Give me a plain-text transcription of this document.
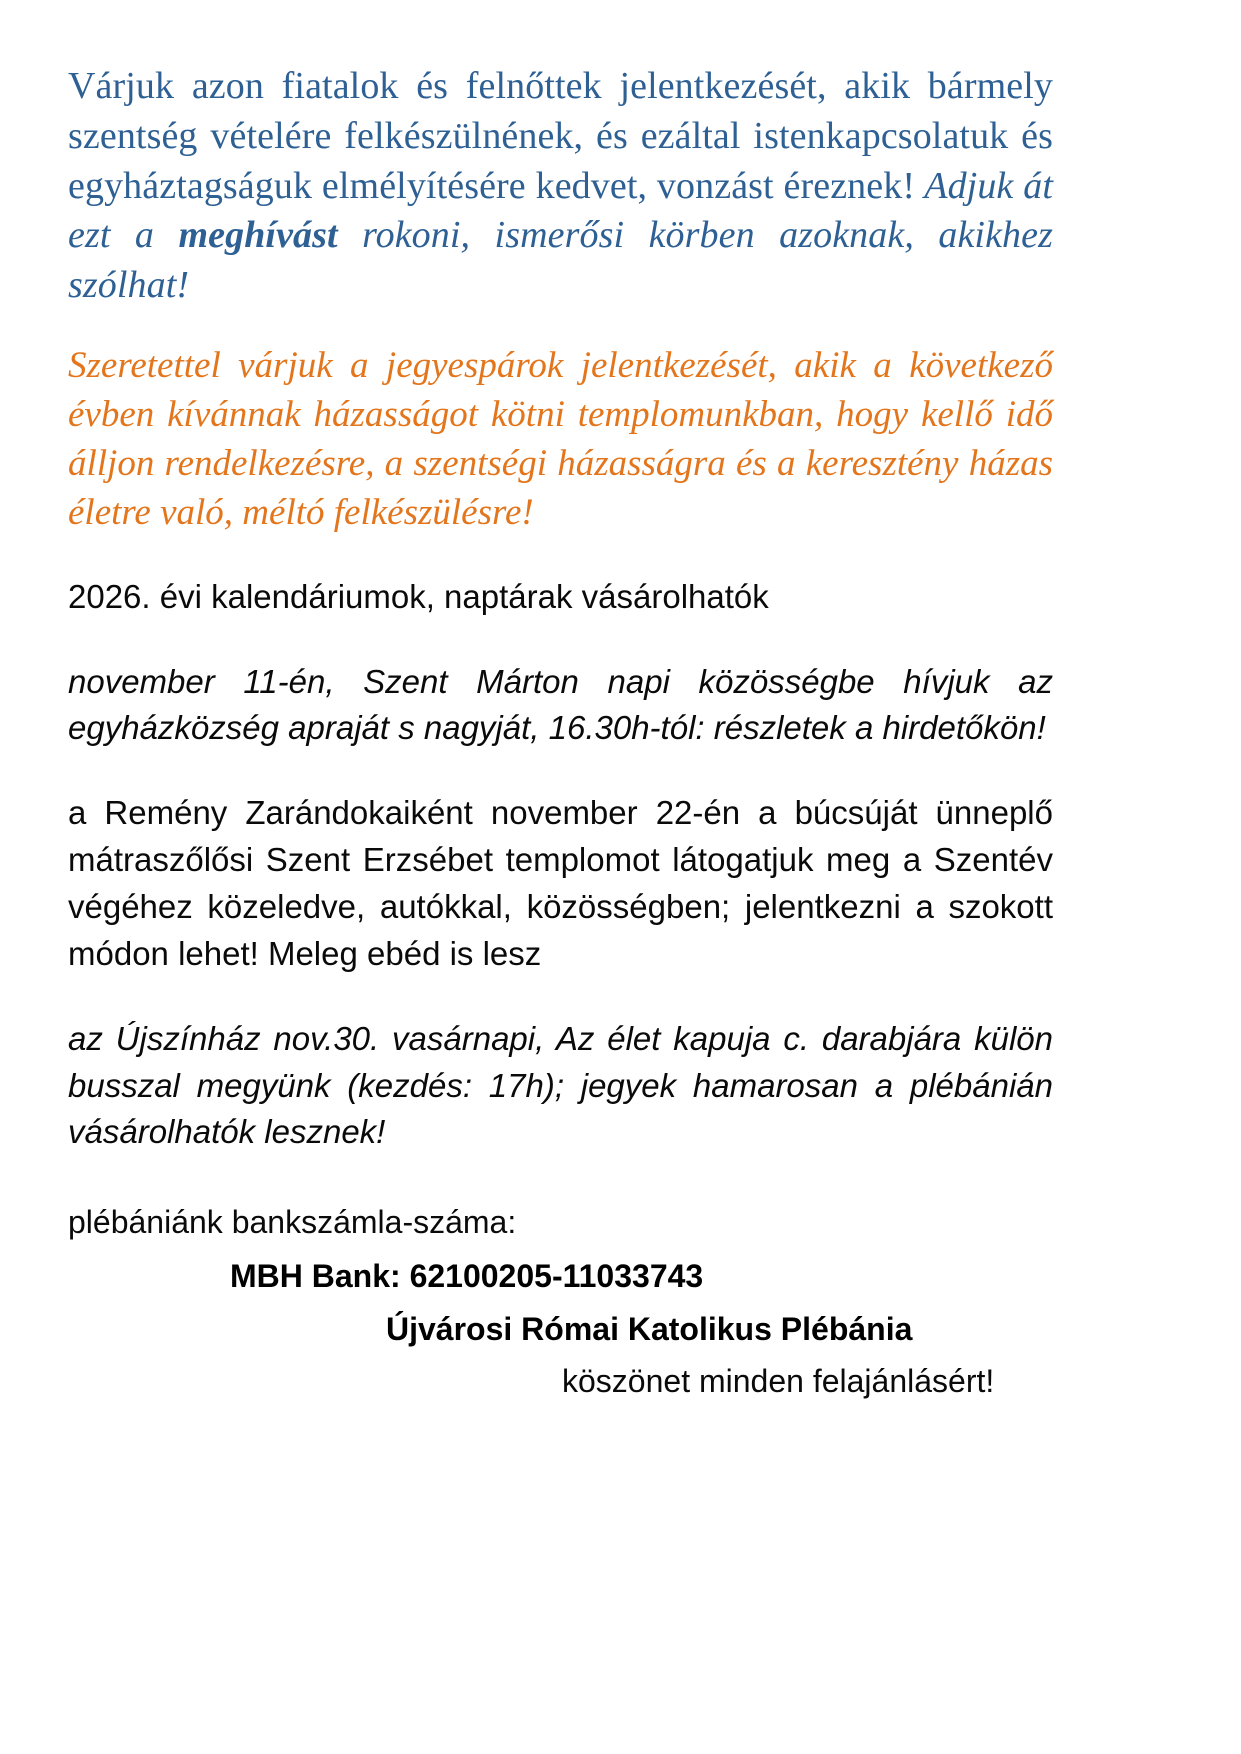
Várjuk azon fiatalok és felnőttek jelentkezését, akik bármely szentség vételére felkészülnének, és ezáltal istenkapcsolatuk és egyháztagságuk elmélyítésére kedvet, vonzást éreznek! Adjuk át ezt a meghívást rokoni, ismerősi körben azoknak, akikhez szólhat!

Szeretettel várjuk a jegyespárok jelentkezését, akik a következő évben kívánnak házasságot kötni templomunkban, hogy kellő idő álljon rendelkezésre, a szentségi házasságra és a keresztény házas életre való, méltó felkészülésre!

2026. évi kalendáriumok, naptárak vásárolhatók

november 11-én, Szent Márton napi közösségbe hívjuk az egyházközség apraját s nagyját, 16.30h-tól: részletek a hirdetőkön!

a Remény Zarándokaiként november 22-én a búcsúját ünneplő mátraszőlősi Szent Erzsébet templomot látogatjuk meg a Szentév végéhez közeledve, autókkal, közösségben; jelentkezni a szokott módon lehet! Meleg ebéd is lesz

az Újszínház nov.30. vasárnapi, Az élet kapuja c. darabjára külön busszal megyünk (kezdés: 17h); jegyek hamarosan a plébánián vásárolhatók lesznek!

plébániánk bankszámla-száma:

MBH Bank: 62100205-11033743

Újvárosi Római Katolikus Plébánia

köszönet minden felajánlásért!
